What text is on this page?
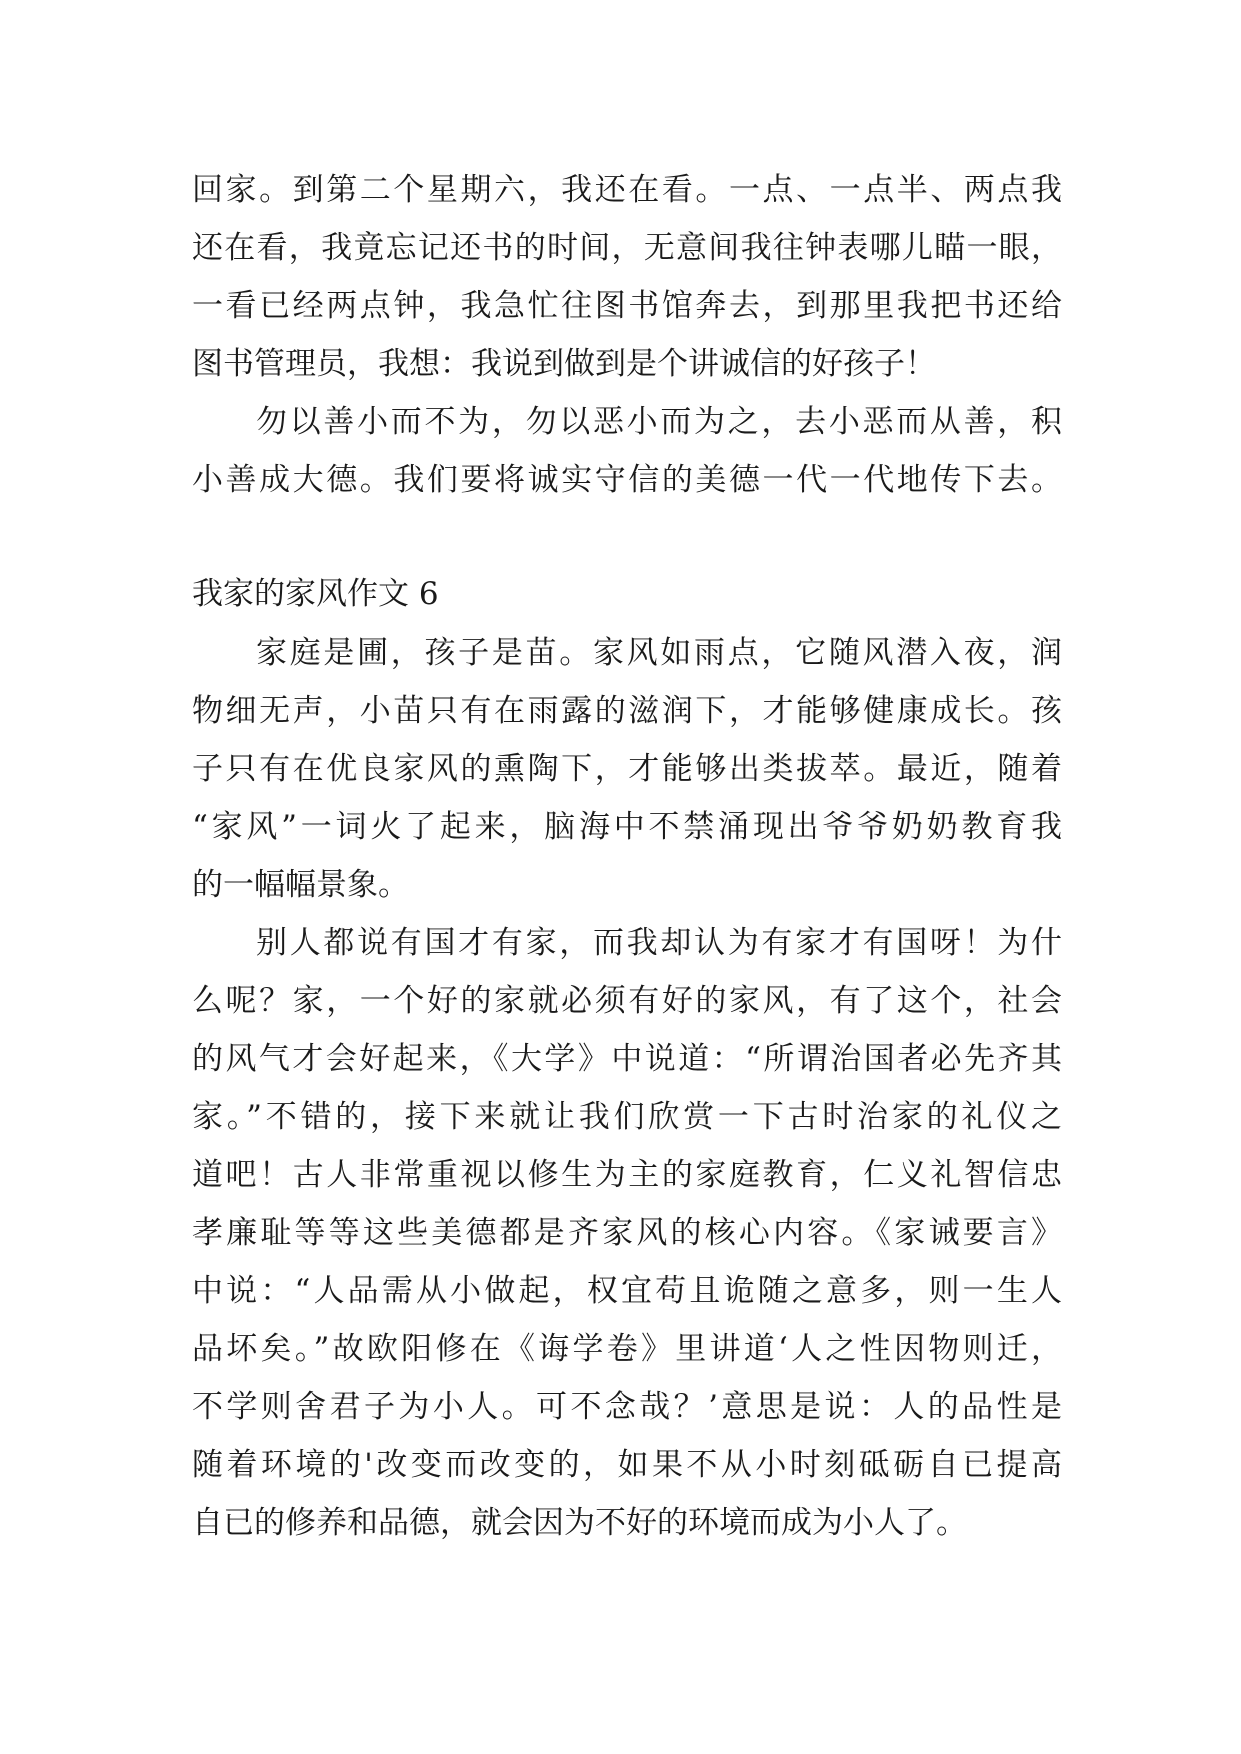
回家。到第二个星期六，我还在看。一点、一点半、两点我
还在看，我竟忘记还书的时间，无意间我往钟表哪儿瞄一眼，
一看已经两点钟，我急忙往图书馆奔去，到那里我把书还给
图书管理员，我想：我说到做到是个讲诚信的好孩子！
勿以善小而不为，勿以恶小而为之，去小恶而从善，积
小善成大德。我们要将诚实守信的美德一代一代地传下去。
我家的家风作文 6
家庭是圃，孩子是苗。家风如雨点，它随风潜入夜，润
物细无声，小苗只有在雨露的滋润下，才能够健康成长。孩
子只有在优良家风的熏陶下，才能够出类拔萃。最近，随着
“家风”一词火了起来，脑海中不禁涌现出爷爷奶奶教育我
的一幅幅景象。
别人都说有国才有家，而我却认为有家才有国呀！为什
么呢？家，一个好的家就必须有好的家风，有了这个，社会
的风气才会好起来，《大学》中说道：“所谓治国者必先齐其
家。”不错的，接下来就让我们欣赏一下古时治家的礼仪之
道吧！古人非常重视以修生为主的家庭教育，仁义礼智信忠
孝廉耻等等这些美德都是齐家风的核心内容。《家诫要言》
中说：“人品需从小做起，权宜苟且诡随之意多，则一生人
品坏矣。”故欧阳修在《诲学卷》里讲道‘人之性因物则迁，
不学则舍君子为小人。可不念哉？’意思是说：人的品性是
随着环境的'改变而改变的，如果不从小时刻砥砺自已提高
自已的修养和品德，就会因为不好的环境而成为小人了。
